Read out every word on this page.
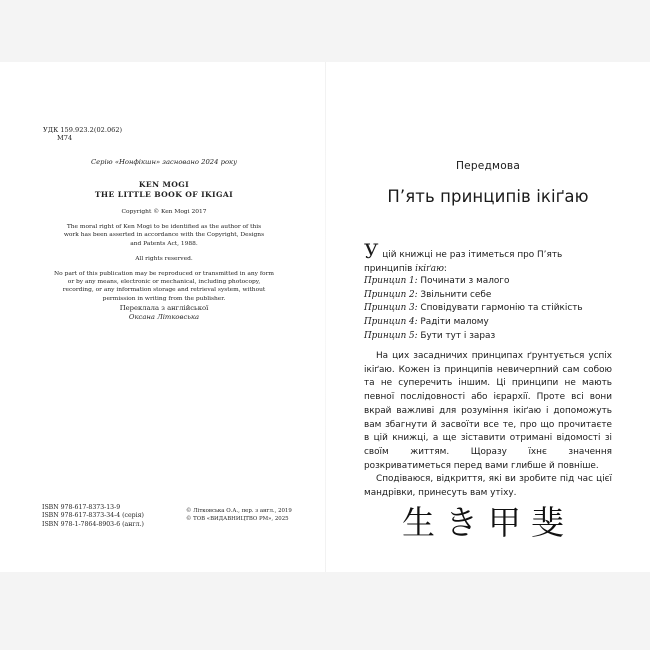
УДК 159.923.2(02.062)
М74
Серію «Нонфікшн» засновано 2024 року
KEN MOGI
THE LITTLE BOOK OF IKIGAI

Copyright © Ken Mogi 2017

The moral right of Ken Mogi to be identified as the author of this work has been asserted in accordance with the Copyright, Designs and Patents Act, 1988.

All rights reserved.

No part of this publication may be reproduced or transmitted in any form or by any means, electronic or mechanical, including photocopy, recording, or any information storage and retrieval system, without permission in writing from the publisher.

Переклала з англійської
Оксана Літковська
ISBN 978-617-8373-13-9
ISBN 978-617-8373-34-4 (серія)
ISBN 978-1-7864-8903-6 (англ.)
© Літковська О.А., пер. з англ., 2019
© ТОВ «ВИДАВНИЦТВО РМ», 2025
Передмова
П’ять принципів ікіґаю
У цій книжці не раз ітиметься про П’ять принципів ікіґаю:
Принцип 1: Починати з малого
Принцип 2: Звільнити себе
Принцип 3: Сповідувати гармонію та стійкість
Принцип 4: Радіти малому
Принцип 5: Бути тут і зараз

На цих засадничих принципах ґрунтується успіх ікіґаю. Кожен із принципів невичерпний сам собою та не суперечить іншим. Ці принципи не мають певної послідовності або ієрархії. Проте всі вони вкрай важливі для розуміння ікіґаю і допоможуть вам збагнути й засвоїти все те, про що прочитаєте в цій книжці, а ще зіставити отримані відомості зі своїм життям. Щоразу їхнє значення розкриватиметься перед вами глибше й повніше.

Сподіваюся, відкриття, які ви зробите під час цієї мандрівки, принесуть вам утіху.

生き甲斐
